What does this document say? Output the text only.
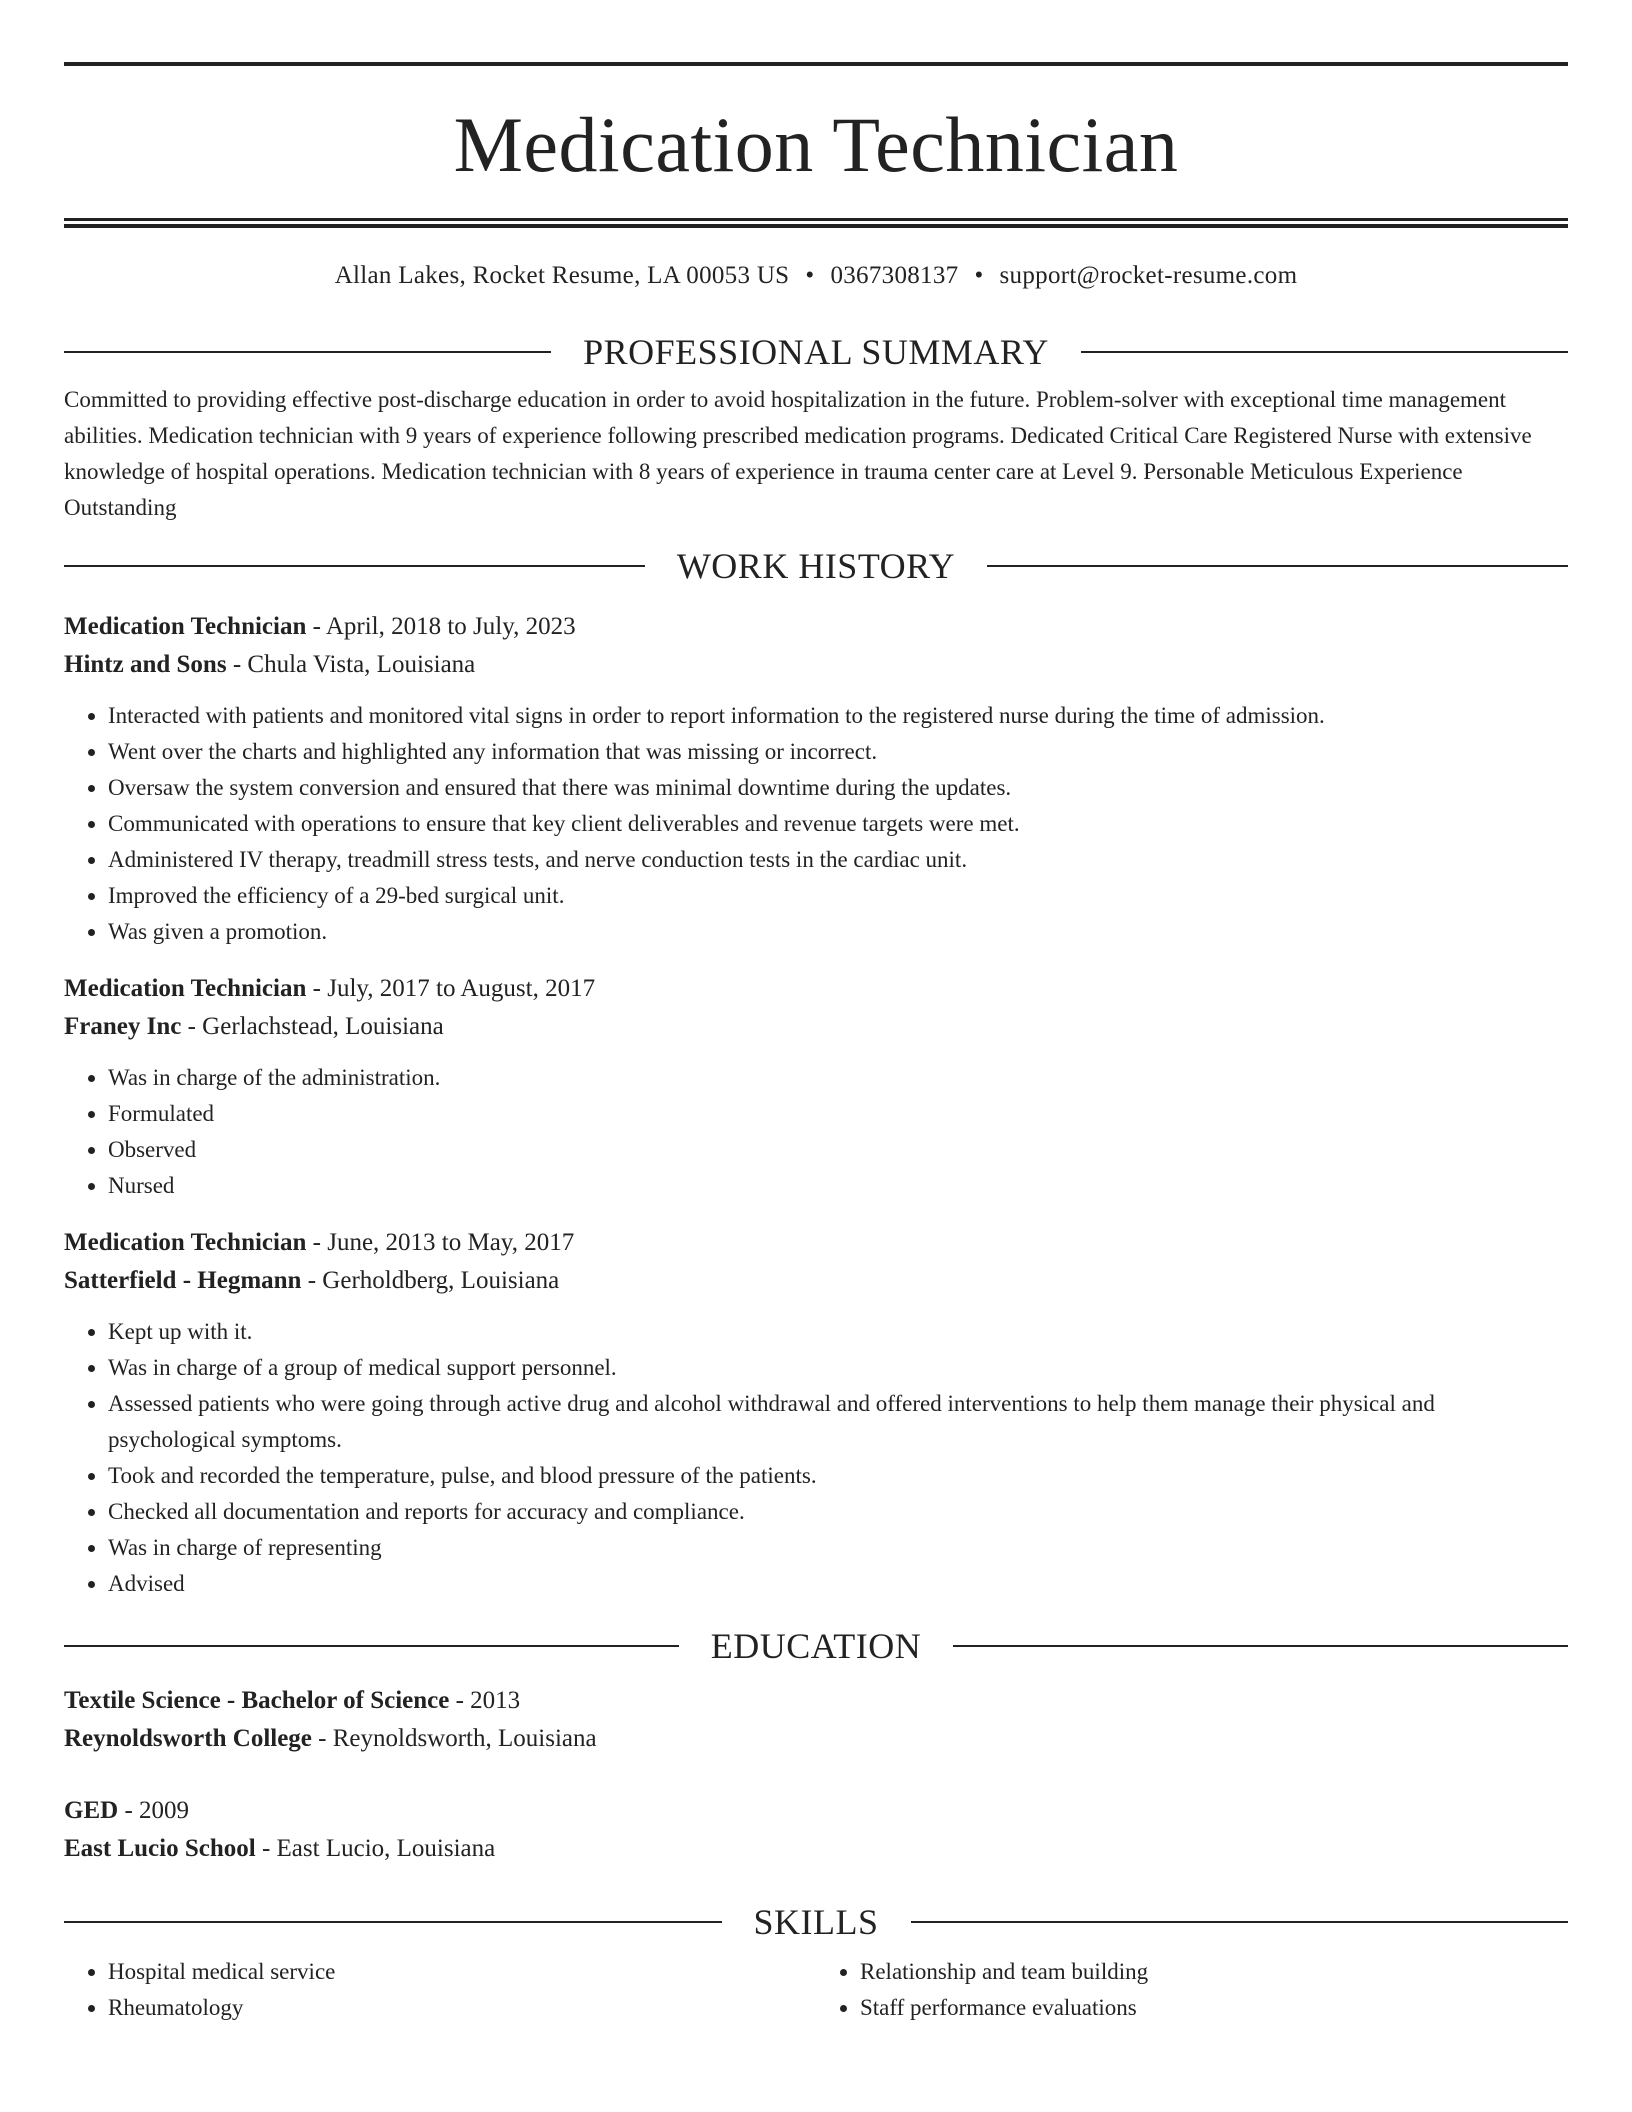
Medication Technician
Allan Lakes, Rocket Resume, LA 00053 US • 0367308137 • support@rocket-resume.com
PROFESSIONAL SUMMARY

Committed to providing effective post-discharge education in order to avoid hospitalization in the future. Problem-solver with exceptional time management abilities. Medication technician with 9 years of experience following prescribed medication programs. Dedicated Critical Care Registered Nurse with extensive knowledge of hospital operations. Medication technician with 8 years of experience in trauma center care at Level 9. Personable Meticulous Experience Outstanding

WORK HISTORY
Medication Technician - April, 2018 to July, 2023
Hintz and Sons - Chula Vista, Louisiana
• Interacted with patients and monitored vital signs in order to report information to the registered nurse during the time of admission.
• Went over the charts and highlighted any information that was missing or incorrect.
• Oversaw the system conversion and ensured that there was minimal downtime during the updates.
• Communicated with operations to ensure that key client deliverables and revenue targets were met.
• Administered IV therapy, treadmill stress tests, and nerve conduction tests in the cardiac unit.
• Improved the efficiency of a 29-bed surgical unit.
• Was given a promotion.
Medication Technician - July, 2017 to August, 2017
Franey Inc - Gerlachstead, Louisiana
• Was in charge of the administration.
• Formulated
• Observed
• Nursed
Medication Technician - June, 2013 to May, 2017
Satterfield - Hegmann - Gerholdberg, Louisiana
• Kept up with it.
• Was in charge of a group of medical support personnel.
• Assessed patients who were going through active drug and alcohol withdrawal and offered interventions to help them manage their physical and psychological symptoms.
• Took and recorded the temperature, pulse, and blood pressure of the patients.
• Checked all documentation and reports for accuracy and compliance.
• Was in charge of representing
• Advised
EDUCATION
Textile Science - Bachelor of Science - 2013
Reynoldsworth College - Reynoldsworth, Louisiana
GED - 2009
East Lucio School - East Lucio, Louisiana
SKILLS
• Hospital medical service
• Rheumatology
• Relationship and team building
• Staff performance evaluations
